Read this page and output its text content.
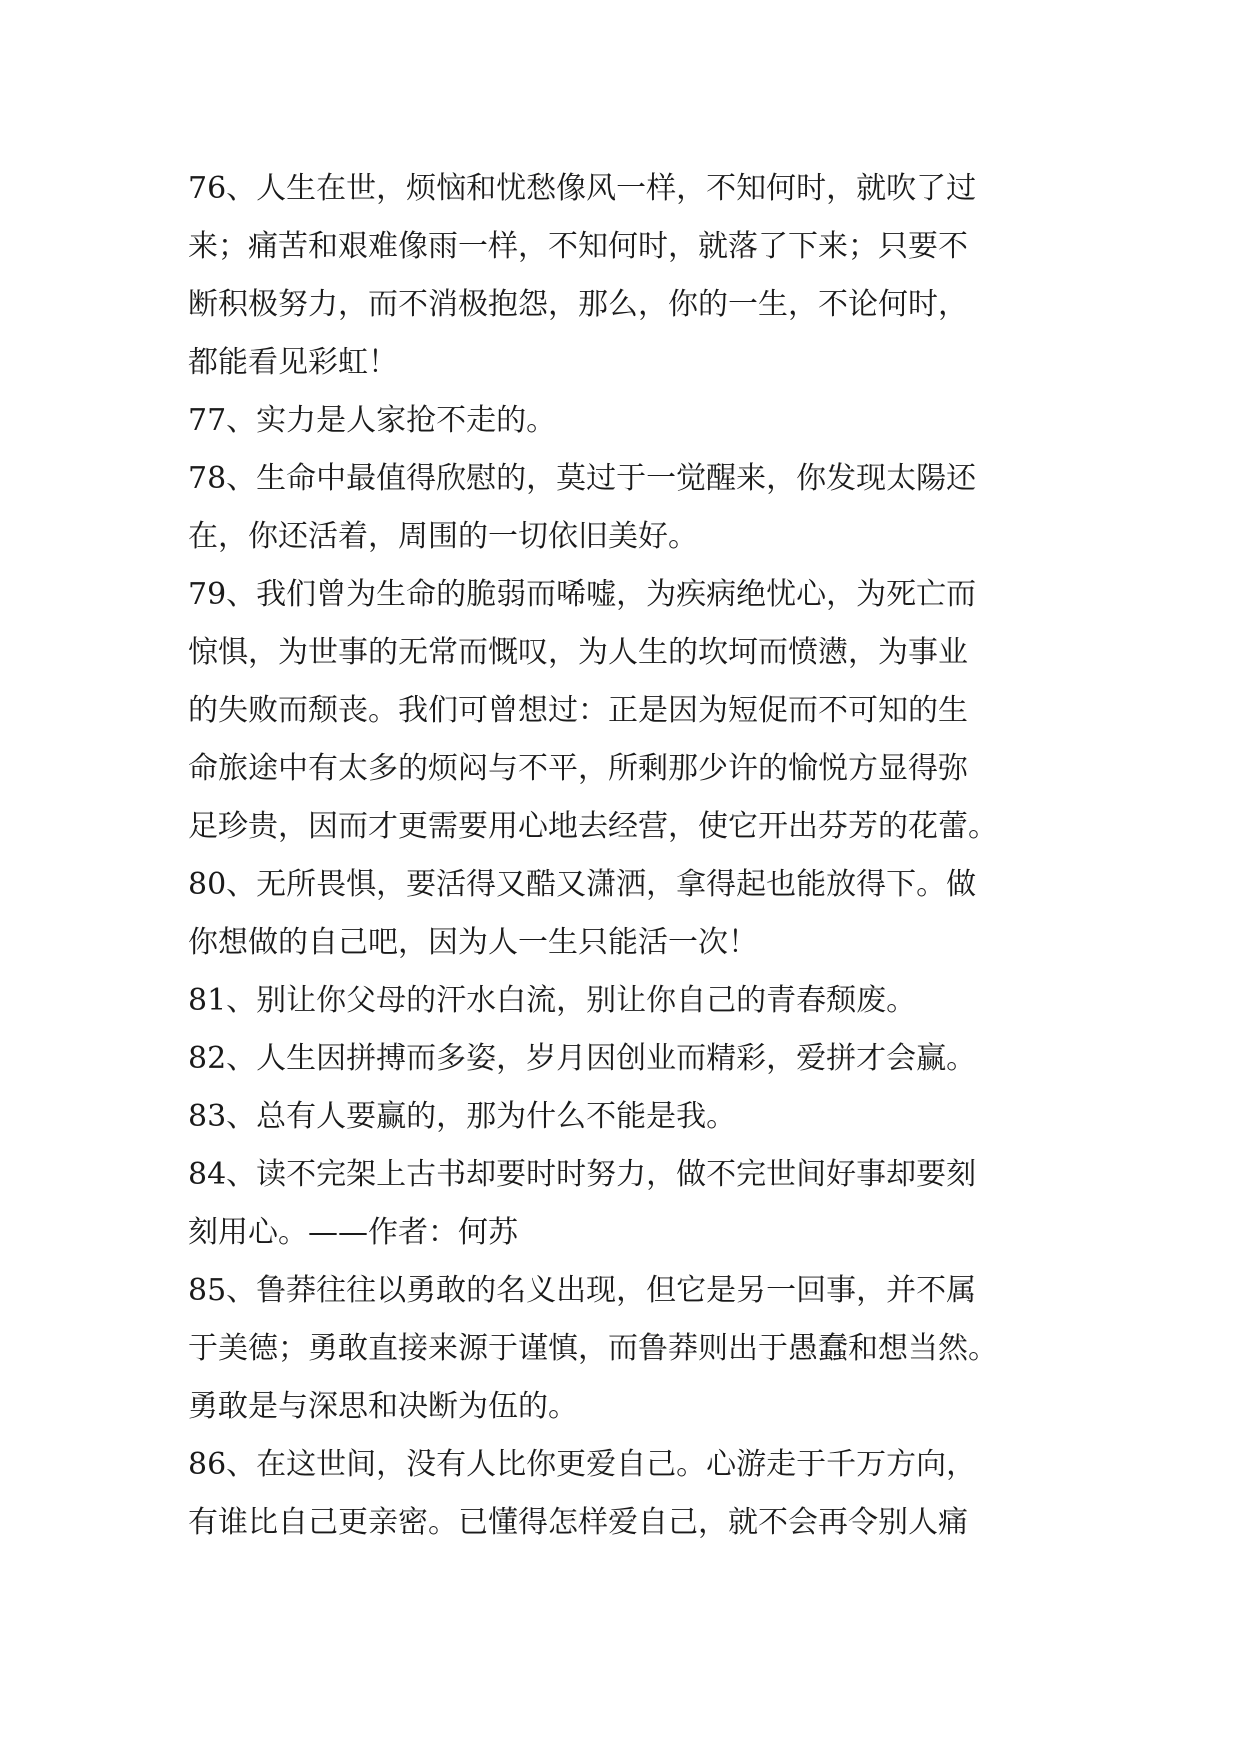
76、人生在世，烦恼和忧愁像风一样，不知何时，就吹了过
来；痛苦和艰难像雨一样，不知何时，就落了下来；只要不
断积极努力，而不消极抱怨，那么，你的一生，不论何时，
都能看见彩虹！
77、实力是人家抢不走的。
78、生命中最值得欣慰的，莫过于一觉醒来，你发现太陽还
在，你还活着，周围的一切依旧美好。
79、我们曾为生命的脆弱而唏嘘，为疾病绝忧心，为死亡而
惊惧，为世事的无常而慨叹，为人生的坎坷而愤懑，为事业
的失败而颓丧。我们可曾想过：正是因为短促而不可知的生
命旅途中有太多的烦闷与不平，所剩那少许的愉悦方显得弥
足珍贵，因而才更需要用心地去经营，使它开出芬芳的花蕾。
80、无所畏惧，要活得又酷又潇洒，拿得起也能放得下。做
你想做的自己吧，因为人一生只能活一次！
81、别让你父母的汗水白流，别让你自己的青春颓废。
82、人生因拼搏而多姿，岁月因创业而精彩，爱拼才会赢。
83、总有人要赢的，那为什么不能是我。
84、读不完架上古书却要时时努力，做不完世间好事却要刻
刻用心。——作者：何苏
85、鲁莽往往以勇敢的名义出现，但它是另一回事，并不属
于美德；勇敢直接来源于谨慎，而鲁莽则出于愚蠢和想当然。
勇敢是与深思和决断为伍的。
86、在这世间，没有人比你更爱自己。心游走于千万方向，
有谁比自己更亲密。已懂得怎样爱自己，就不会再令别人痛
